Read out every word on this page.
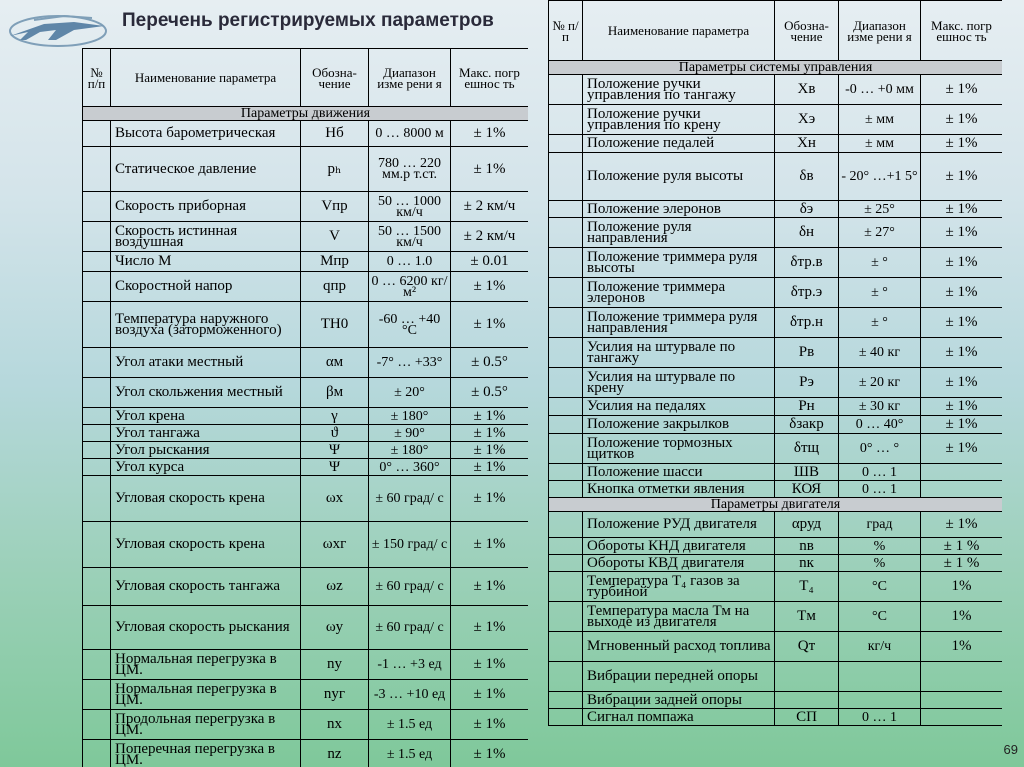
Перечень регистрируемых параметров
№ п/п	Наименование параметра	Обозна-чение	Диапазон изме рени я	Макс. погр ешнос ть
Параметры движения				
	Высота барометрическая	Нб	0 … 8000 м	± 1%
	Статическое давление	pₕ	780 … 220 мм.р т.ст.	± 1%
	Скорость приборная	Vпр	50 … 1000 км/ч	± 2 км/ч
	Скорость истинная воздушная	V	50 … 1500 км/ч	± 2 км/ч
	Число М	Мпр	0 … 1.0	± 0.01
	Скоростной напор	qпр	0 … 6200 кг/м²	± 1%
	Температура наружного воздуха (заторможенного)	TН0	-60 … +40 °С	± 1%
	Угол атаки местный	αм	-7° … +33°	± 0.5°
	Угол скольжения местный	βм	± 20°	± 0.5°
	Угол крена	γ	± 180°	± 1%
	Угол тангажа	ϑ	± 90°	± 1%
	Угол рыскания	Ψ	± 180°	± 1%
	Угол курса	Ψ	0° … 360°	± 1%
	Угловая скорость крена	ωx	± 60 град/ с	± 1%
	Угловая скорость крена	ωxг	± 150 град/ с	± 1%
	Угловая скорость тангажа	ωz	± 60 град/ с	± 1%
	Угловая скорость рыскания	ωy	± 60 град/ с	± 1%
	Нормальная перегрузка в ЦМ.	ny	-1 … +3 ед	± 1%
	Нормальная перегрузка в ЦМ.	nyг	-3 … +10 ед	± 1%
	Продольная перегрузка в ЦМ.	nx	± 1.5 ед	± 1%
	Поперечная перегрузка в ЦМ.	nz	± 1.5 ед	± 1%
№ п/п	Наименование параметра	Обозна-чение	Диапазон изме рени я	Макс. погр ешнос ть
Параметры системы управления				
	Положение ручки управления по тангажу	Xв	-0 … +0 мм	± 1%
	Положение ручки управления по крену	Xэ	± мм	± 1%
	Положение педалей	Xн	± мм	± 1%
	Положение руля высоты	δв	- 20° …+1 5°	± 1%
	Положение элеронов	δэ	± 25°	± 1%
	Положение руля направления	δн	± 27°	± 1%
	Положение триммера руля высоты	δтр.в	± °	± 1%
	Положение триммера элеронов	δтр.э	± °	± 1%
	Положение триммера руля направления	δтр.н	± °	± 1%
	Усилия на штурвале по тангажу	Pв	± 40 кг	± 1%
	Усилия на штурвале по крену	Pэ	± 20 кг	± 1%
	Усилия на педалях	Pн	± 30 кг	± 1%
	Положение закрылков	δзакр	0 … 40°	± 1%
	Положение тормозных щитков	δтщ	0° … °	± 1%
	Положение шасси	ШВ	0 … 1	
	Кнопка отметки явления	КОЯ	0 … 1	
Параметры двигателя				
	Положение РУД двигателя	αруд	град	± 1%
	Обороты КНД двигателя	nв	%	± 1 %
	Обороты КВД двигателя	nк	%	± 1 %
	Температура Т₄ газов за турбиной	T₄	°С	1%
	Температура масла Тм на выходе из двигателя	Tм	°С	1%
	Мгновенный расход топлива	Qт	кг/ч	1%
	Вибрации передней опоры			
	Вибрации задней опоры			
	Сигнал помпажа	СП	0 … 1	
69
